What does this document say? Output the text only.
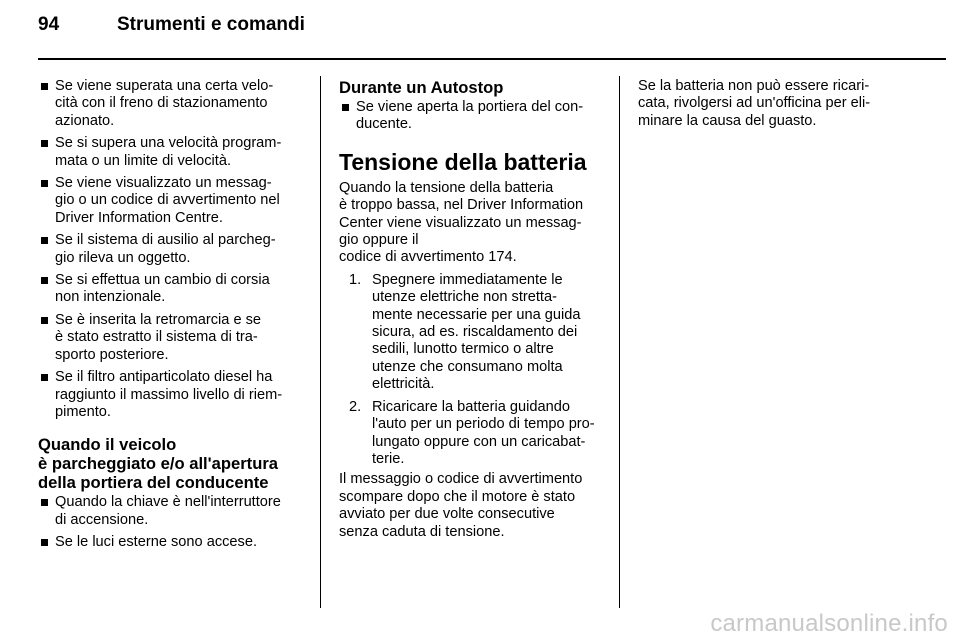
94	Strumenti e comandi
Se viene superata una certa velo-
cità con il freno di stazionamento
azionato.
Se si supera una velocità program-
mata o un limite di velocità.
Se viene visualizzato un messag-
gio o un codice di avvertimento nel
Driver Information Centre.
Se il sistema di ausilio al parcheg-
gio rileva un oggetto.
Se si effettua un cambio di corsia
non intenzionale.
Se è inserita la retromarcia e se
è stato estratto il sistema di tra-
sporto posteriore.
Se il filtro antiparticolato diesel ha
raggiunto il massimo livello di riem-
pimento.
Quando il veicolo
è parcheggiato e/o all'apertura
della portiera del conducente
Quando la chiave è nell'interruttore
di accensione.
Se le luci esterne sono accese.
Durante un Autostop
Se viene aperta la portiera del con-
ducente.
Tensione della batteria
Quando la tensione della batteria
è troppo bassa, nel Driver Information
Center viene visualizzato un messag-
gio oppure il
codice di avvertimento 174.
1. Spegnere immediatamente le
utenze elettriche non stretta-
mente necessarie per una guida
sicura, ad es. riscaldamento dei
sedili, lunotto termico o altre
utenze che consumano molta
elettricità.
2. Ricaricare la batteria guidando
l'auto per un periodo di tempo pro-
lungato oppure con un caricabat-
terie.
Il messaggio o codice di avvertimento
scompare dopo che il motore è stato
avviato per due volte consecutive
senza caduta di tensione.
Se la batteria non può essere ricari-
cata, rivolgersi ad un'officina per eli-
minare la causa del guasto.
carmanualsonline.info
